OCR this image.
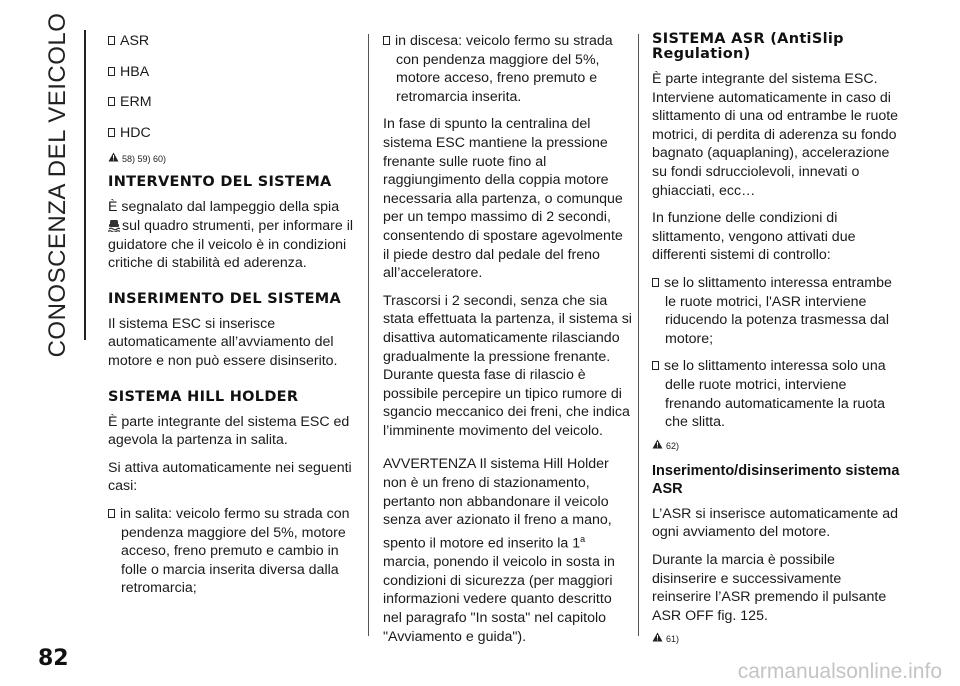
CONOSCENZA DEL VEICOLO
82

ASR

HBA

ERM

HDC

58) 59) 60)
INTERVENTO DEL SISTEMA

È segnalato dal lampeggio della spia
sul quadro strumenti, per informare il guidatore che il veicolo è in condizioni critiche di stabilità ed aderenza.

INSERIMENTO DEL SISTEMA

Il sistema ESC si inserisce automaticamente all’avviamento del motore e non può essere disinserito.

SISTEMA HILL HOLDER

È parte integrante del sistema ESC ed agevola la partenza in salita.

Si attiva automaticamente nei seguenti casi:

in salita: veicolo fermo su strada con pendenza maggiore del 5%, motore acceso, freno premuto e cambio in folle o marcia inserita diversa dalla retromarcia;

in discesa: veicolo fermo su strada con pendenza maggiore del 5%, motore acceso, freno premuto e retromarcia inserita.

In fase di spunto la centralina del sistema ESC mantiene la pressione frenante sulle ruote fino al raggiungimento della coppia motore necessaria alla partenza, o comunque per un tempo massimo di 2 secondi, consentendo di spostare agevolmente il piede destro dal pedale del freno all’acceleratore.

Trascorsi i 2 secondi, senza che sia stata effettuata la partenza, il sistema si disattiva automaticamente rilasciando gradualmente la pressione frenante. Durante questa fase di rilascio è possibile percepire un tipico rumore di sgancio meccanico dei freni, che indica l’imminente movimento del veicolo.

AVVERTENZA Il sistema Hill Holder non è un freno di stazionamento, pertanto non abbandonare il veicolo senza aver azionato il freno a mano, spento il motore ed inserito la 1$^a$ marcia, ponendo il veicolo in sosta in condizioni di sicurezza (per maggiori informazioni vedere quanto descritto nel paragrafo "In sosta" nel capitolo "Avviamento e guida").

SISTEMA ASR (AntiSlip Regulation)

È parte integrante del sistema ESC. Interviene automaticamente in caso di slittamento di una od entrambe le ruote motrici, di perdita di aderenza su fondo bagnato (aquaplaning), accelerazione su fondi sdrucciolevoli, innevati o ghiacciati, ecc…

In funzione delle condizioni di slittamento, vengono attivati due differenti sistemi di controllo:

se lo slittamento interessa entrambe le ruote motrici, l'ASR interviene riducendo la potenza trasmessa dal motore;

se lo slittamento interessa solo una delle ruote motrici, interviene frenando automaticamente la ruota che slitta.

62)
Inserimento/disinserimento sistema ASR

L’ASR si inserisce automaticamente ad ogni avviamento del motore.

Durante la marcia è possibile disinserire e successivamente reinserire l’ASR premendo il pulsante ASR OFF fig. 125.

61)
carmanualsonline.info
